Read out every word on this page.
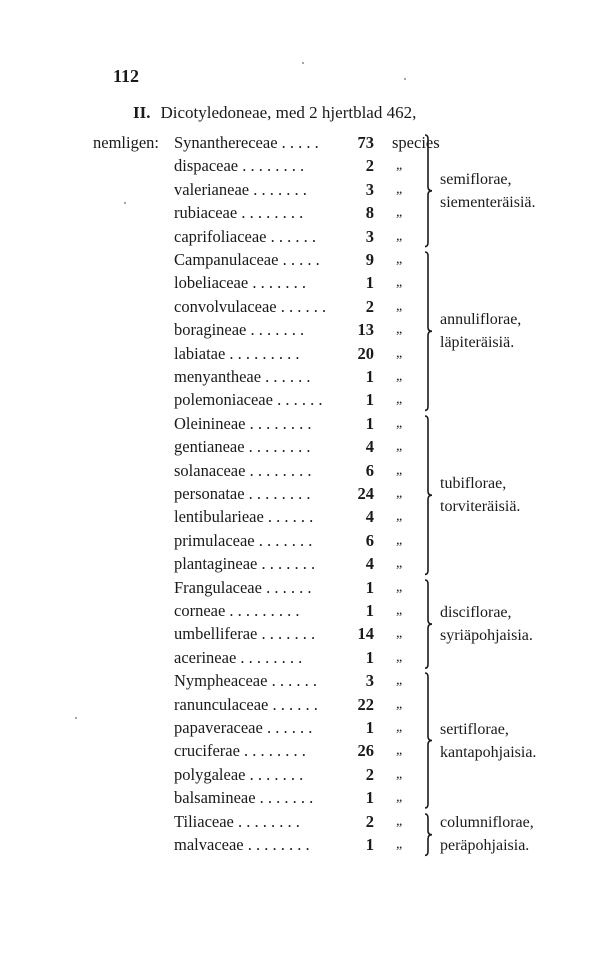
112
II. Dicotyledoneae, med 2 hjertblad 462,
nemligen: Synanthereceae . . . . .	73 species
dispaceae . . . . . . . .	2 „
valerianeae . . . . . . .	3 „
rubiaceae . . . . . . . .	8 „
caprifoliaceae . . . . . .	3 „
Campanulaceae . . . . .	9 „
lobeliaceae . . . . . . .	1 „
convolvulaceae . . . . . .	2 „
boragineae . . . . . . .	13 „
labiatae . . . . . . . . .	20 „
menyantheae . . . . . .	1 „
polemoniaceae . . . . . .	1 „
Oleinineae . . . . . . . .	1 „
gentianeae . . . . . . . .	4 „
solanaceae . . . . . . . .	6 „
personatae . . . . . . . .	24 „
lentibularieae . . . . . .	4 „
primulaceae . . . . . . .	6 „
plantagineae . . . . . . .	4 „
Frangulaceae . . . . . .	1 „
corneae . . . . . . . . .	1 „
umbelliferae . . . . . . .	14 „
acerineae . . . . . . . .	1 „
Nympheaceae . . . . . .	3 „
ranunculaceae . . . . . .	22 „
papaveraceae . . . . . .	1 „
cruciferae . . . . . . . .	26 „
polygaleae . . . . . . .	2 „
balsamineae . . . . . . .	1 „
Tiliaceae . . . . . . . .	2 „
malvaceae . . . . . . . .	1 „
semiflorae,
siementeräisiä.
annuliflorae,
läpiteräisiä.
tubiflorae,
torviteräisiä.
disciflorae,
syriäpohjaisia.
sertiflorae,
kantapohjaisia.
columniflorae,
peräpohjaisia.
